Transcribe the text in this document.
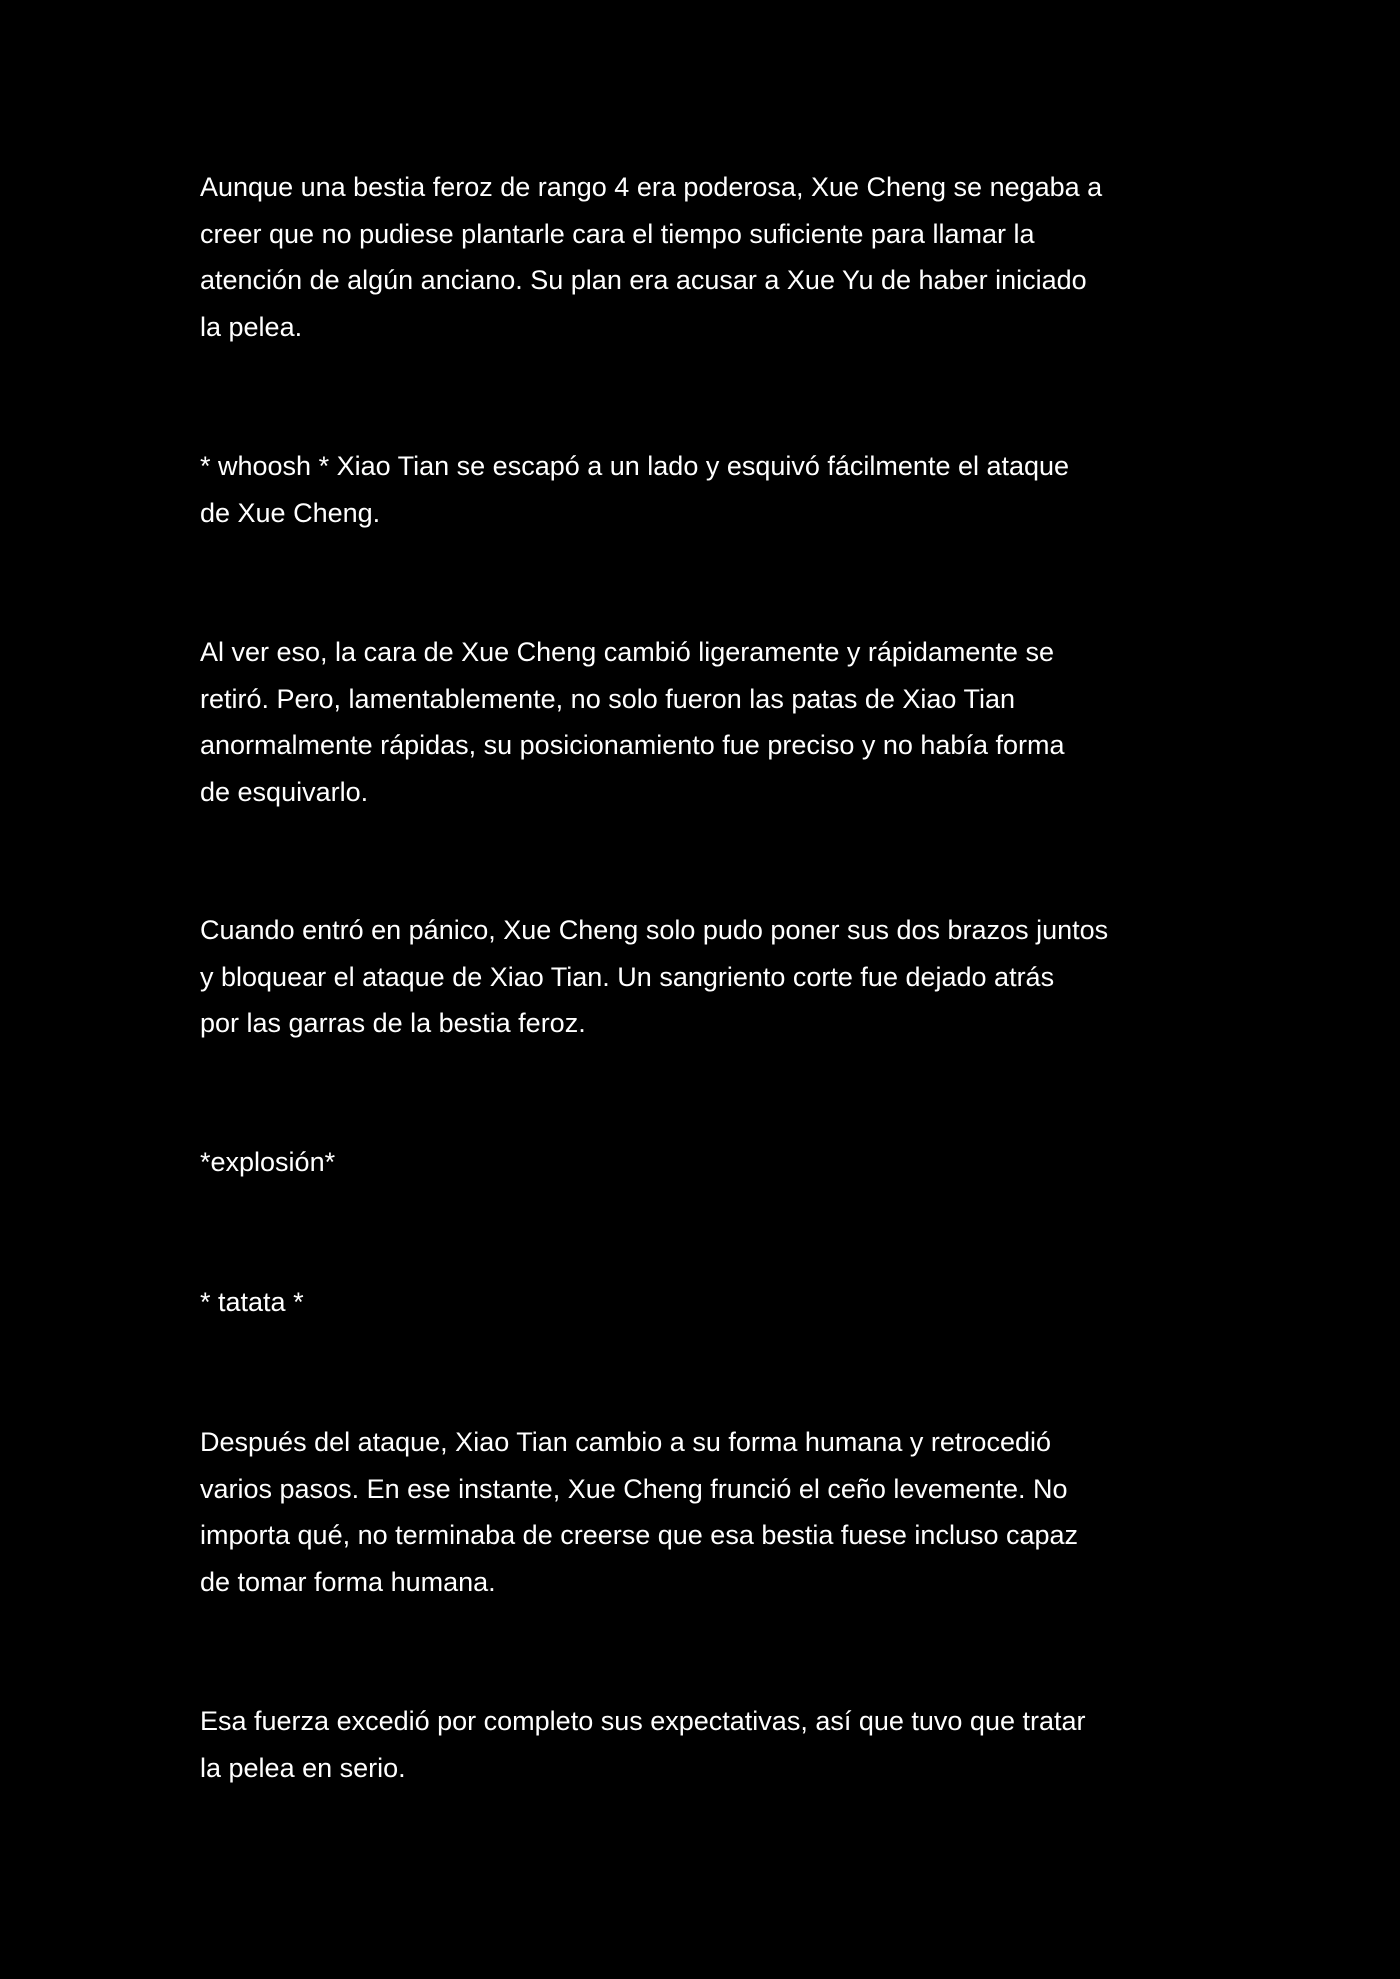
Aunque una bestia feroz de rango 4 era poderosa, Xue Cheng se negaba a
creer que no pudiese plantarle cara el tiempo suficiente para llamar la
atención de algún anciano. Su plan era acusar a Xue Yu de haber iniciado
la pelea.

* whoosh * Xiao Tian se escapó a un lado y esquivó fácilmente el ataque
de Xue Cheng.

Al ver eso, la cara de Xue Cheng cambió ligeramente y rápidamente se
retiró. Pero, lamentablemente, no solo fueron las patas de Xiao Tian
anormalmente rápidas, su posicionamiento fue preciso y no había forma
de esquivarlo.

Cuando entró en pánico, Xue Cheng solo pudo poner sus dos brazos juntos
y bloquear el ataque de Xiao Tian. Un sangriento corte fue dejado atrás
por las garras de la bestia feroz.

*explosión*

* tatata *

Después del ataque, Xiao Tian cambio a su forma humana y retrocedió
varios pasos. En ese instante, Xue Cheng frunció el ceño levemente. No
importa qué, no terminaba de creerse que esa bestia fuese incluso capaz
de tomar forma humana.

Esa fuerza excedió por completo sus expectativas, así que tuvo que tratar
la pelea en serio.
